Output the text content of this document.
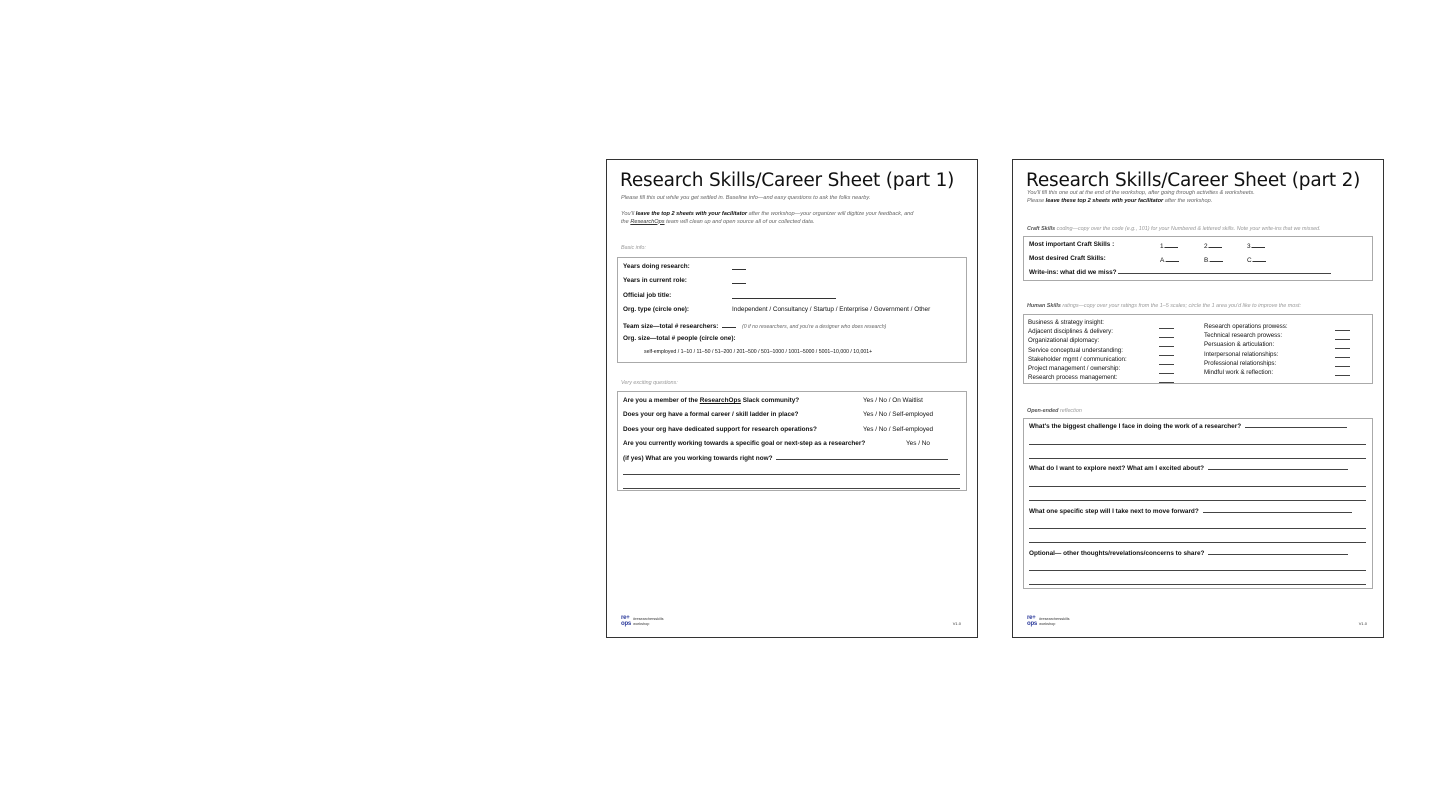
Research Skills/Career Sheet (part 1)
Please fill this out while you get settled in. Baseline info—and easy questions to ask the folks nearby.
You'll leave the top 2 sheets with your facilitator after the workshop—your organizer will digitize your feedback, and
the ResearchOps team will clean up and open source all of our collected data.
Basic info:
Years doing research:
Years in current role:
Official job title:
Org. type (circle one):	Independent / Consultancy / Startup / Enterprise / Government / Other
Team size—total # researchers:	(0 if no researchers, and you're a designer who does research)
Org. size—total # people (circle one):
self-employed / 1–10 / 11–50 / 51–200 / 201–500 / 501–1000 / 1001–5000 / 5001–10,000 / 10,001+
Very exciting questions:
Are you a member of the ResearchOps Slack community?	Yes / No / On Waitlist
Does your org have a formal career / skill ladder in place?	Yes / No / Self-employed
Does your org have dedicated support for research operations?	Yes / No / Self-employed
Are you currently working towards a specific goal or next-step as a researcher?	Yes / No
(if yes) What are you working towards right now?
re+
ops
#researchersskills
workshop	V1.0
Research Skills/Career Sheet (part 2)
You'll fill this one out at the end of the workshop, after going through activities & worksheets.
Please leave these top 2 sheets with your facilitator after the workshop.
Craft Skills coding—copy over the code (e.g., 101) for your Numbered & lettered skills. Note your write-ins that we missed.
Most important Craft Skills :	1.	2.	3.
Most desired Craft Skills:	A.	B.	C.
Write-ins: what did we miss?
Human Skills ratings—copy over your ratings from the 1–5 scales; circle the 1 area you'd like to improve the most:
Business & strategy insight:
Adjacent disciplines & delivery:
Organizational diplomacy:
Service conceptual understanding:
Stakeholder mgmt / communication:
Project management / ownership:
Research process management:
Research operations prowess:
Technical research prowess:
Persuasion & articulation:
Interpersonal relationships:
Professional relationships:
Mindful work & reflection:
Open-ended reflection
What's the biggest challenge I face in doing the work of a researcher?
What do I want to explore next? What am I excited about?
What one specific step will I take next to move forward?
Optional— other thoughts/revelations/concerns to share?
re+
ops
#researchersskills
workshop	V1.0
